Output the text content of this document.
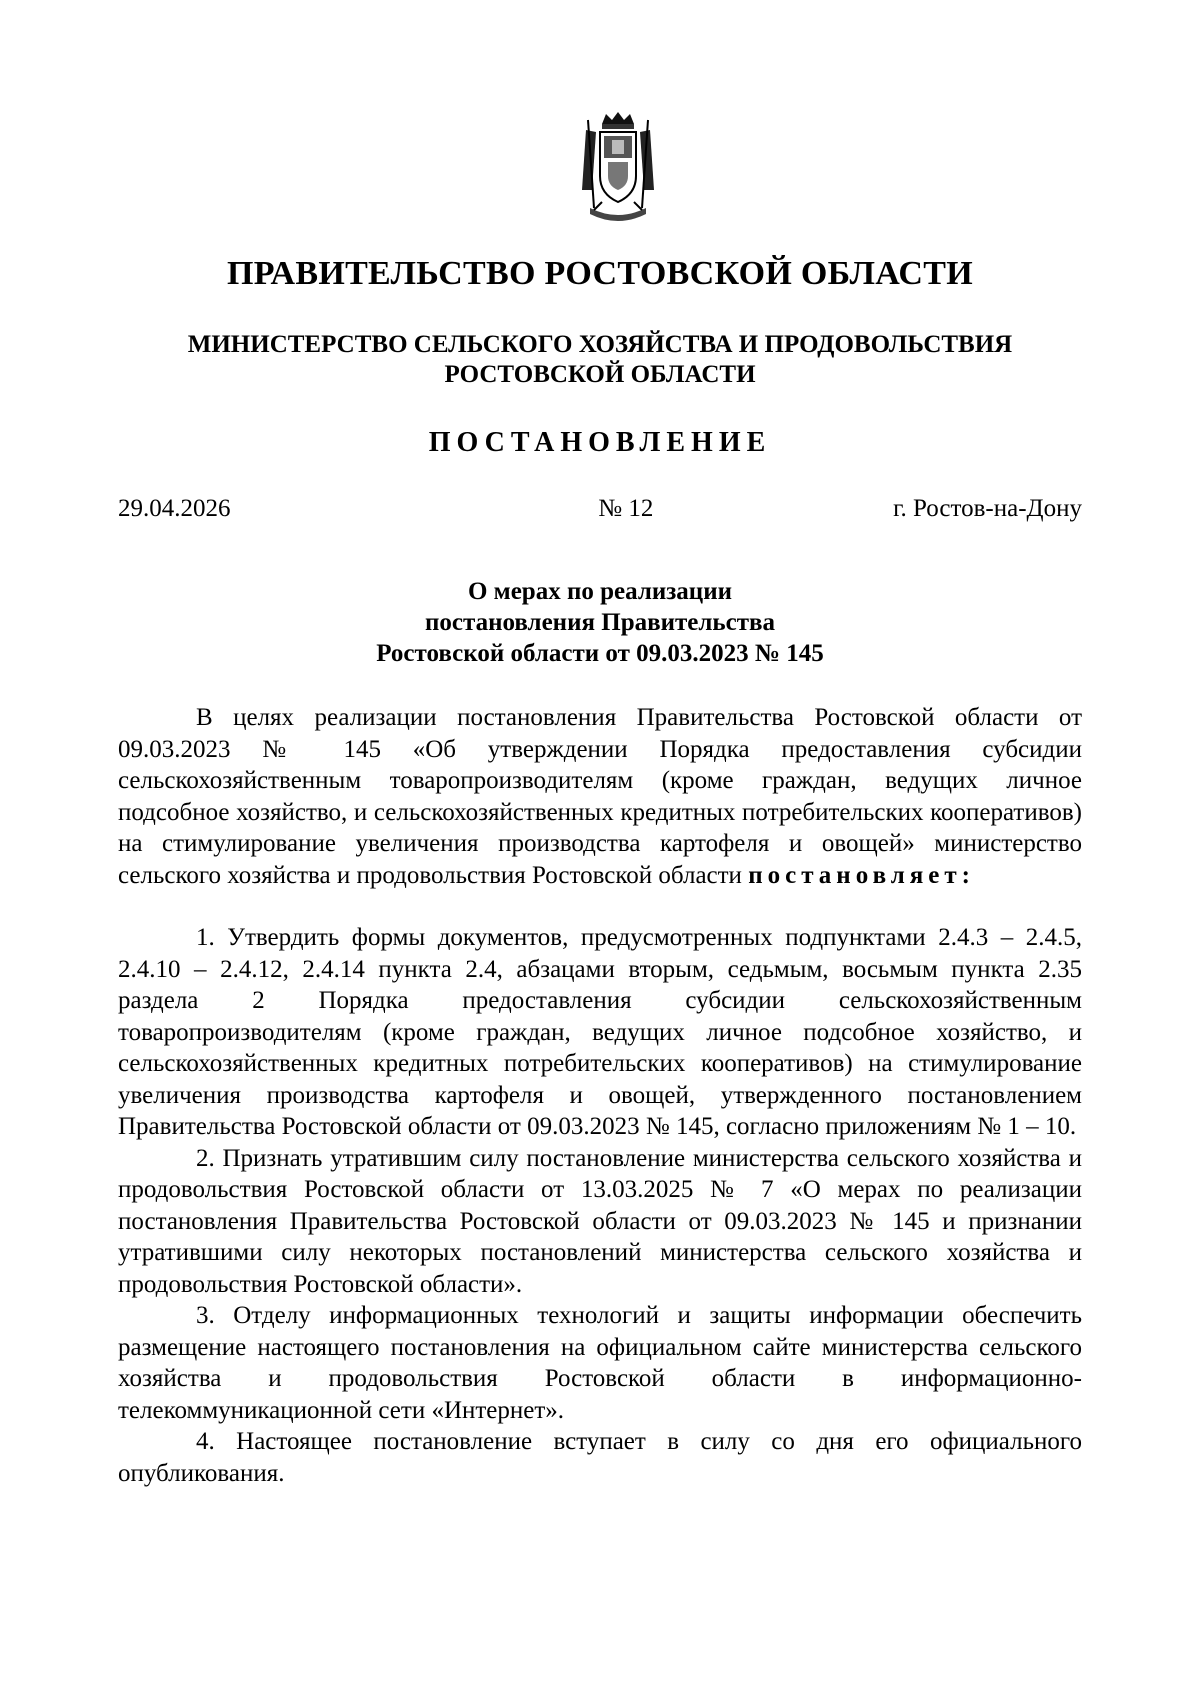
ПРАВИТЕЛЬСТВО РОСТОВСКОЙ ОБЛАСТИ
МИНИСТЕРСТВО СЕЛЬСКОГО ХОЗЯЙСТВА И ПРОДОВОЛЬСТВИЯ
РОСТОВСКОЙ ОБЛАСТИ
ПОСТАНОВЛЕНИЕ
29.04.2026	№ 12	г. Ростов-на-Дону
О мерах по реализации
постановления Правительства
Ростовской области от 09.03.2023 № 145

В целях реализации постановления Правительства Ростовской области от 09.03.2023 № 145 «Об утверждении Порядка предоставления субсидии сельскохозяйственным товаропроизводителям (кроме граждан, ведущих личное подсобное хозяйство, и сельскохозяйственных кредитных потребительских кооперативов) на стимулирование увеличения производства картофеля и овощей» министерство сельского хозяйства и продовольствия Ростовской области постановляет:

1. Утвердить формы документов, предусмотренных подпунктами 2.4.3 – 2.4.5, 2.4.10 – 2.4.12, 2.4.14 пункта 2.4, абзацами вторым, седьмым, восьмым пункта 2.35 раздела 2 Порядка предоставления субсидии сельскохозяйственным товаропроизводителям (кроме граждан, ведущих личное подсобное хозяйство, и сельскохозяйственных кредитных потребительских кооперативов) на стимулирование увеличения производства картофеля и овощей, утвержденного постановлением Правительства Ростовской области от 09.03.2023 № 145, согласно приложениям № 1 – 10.

2. Признать утратившим силу постановление министерства сельского хозяйства и продовольствия Ростовской области от 13.03.2025 № 7 «О мерах по реализации постановления Правительства Ростовской области от 09.03.2023 № 145 и признании утратившими силу некоторых постановлений министерства сельского хозяйства и продовольствия Ростовской области».

3. Отделу информационных технологий и защиты информации обеспечить размещение настоящего постановления на официальном сайте министерства сельского хозяйства и продовольствия Ростовской области в информационно-телекоммуникационной сети «Интернет».

4. Настоящее постановление вступает в силу со дня его официального опубликования.
